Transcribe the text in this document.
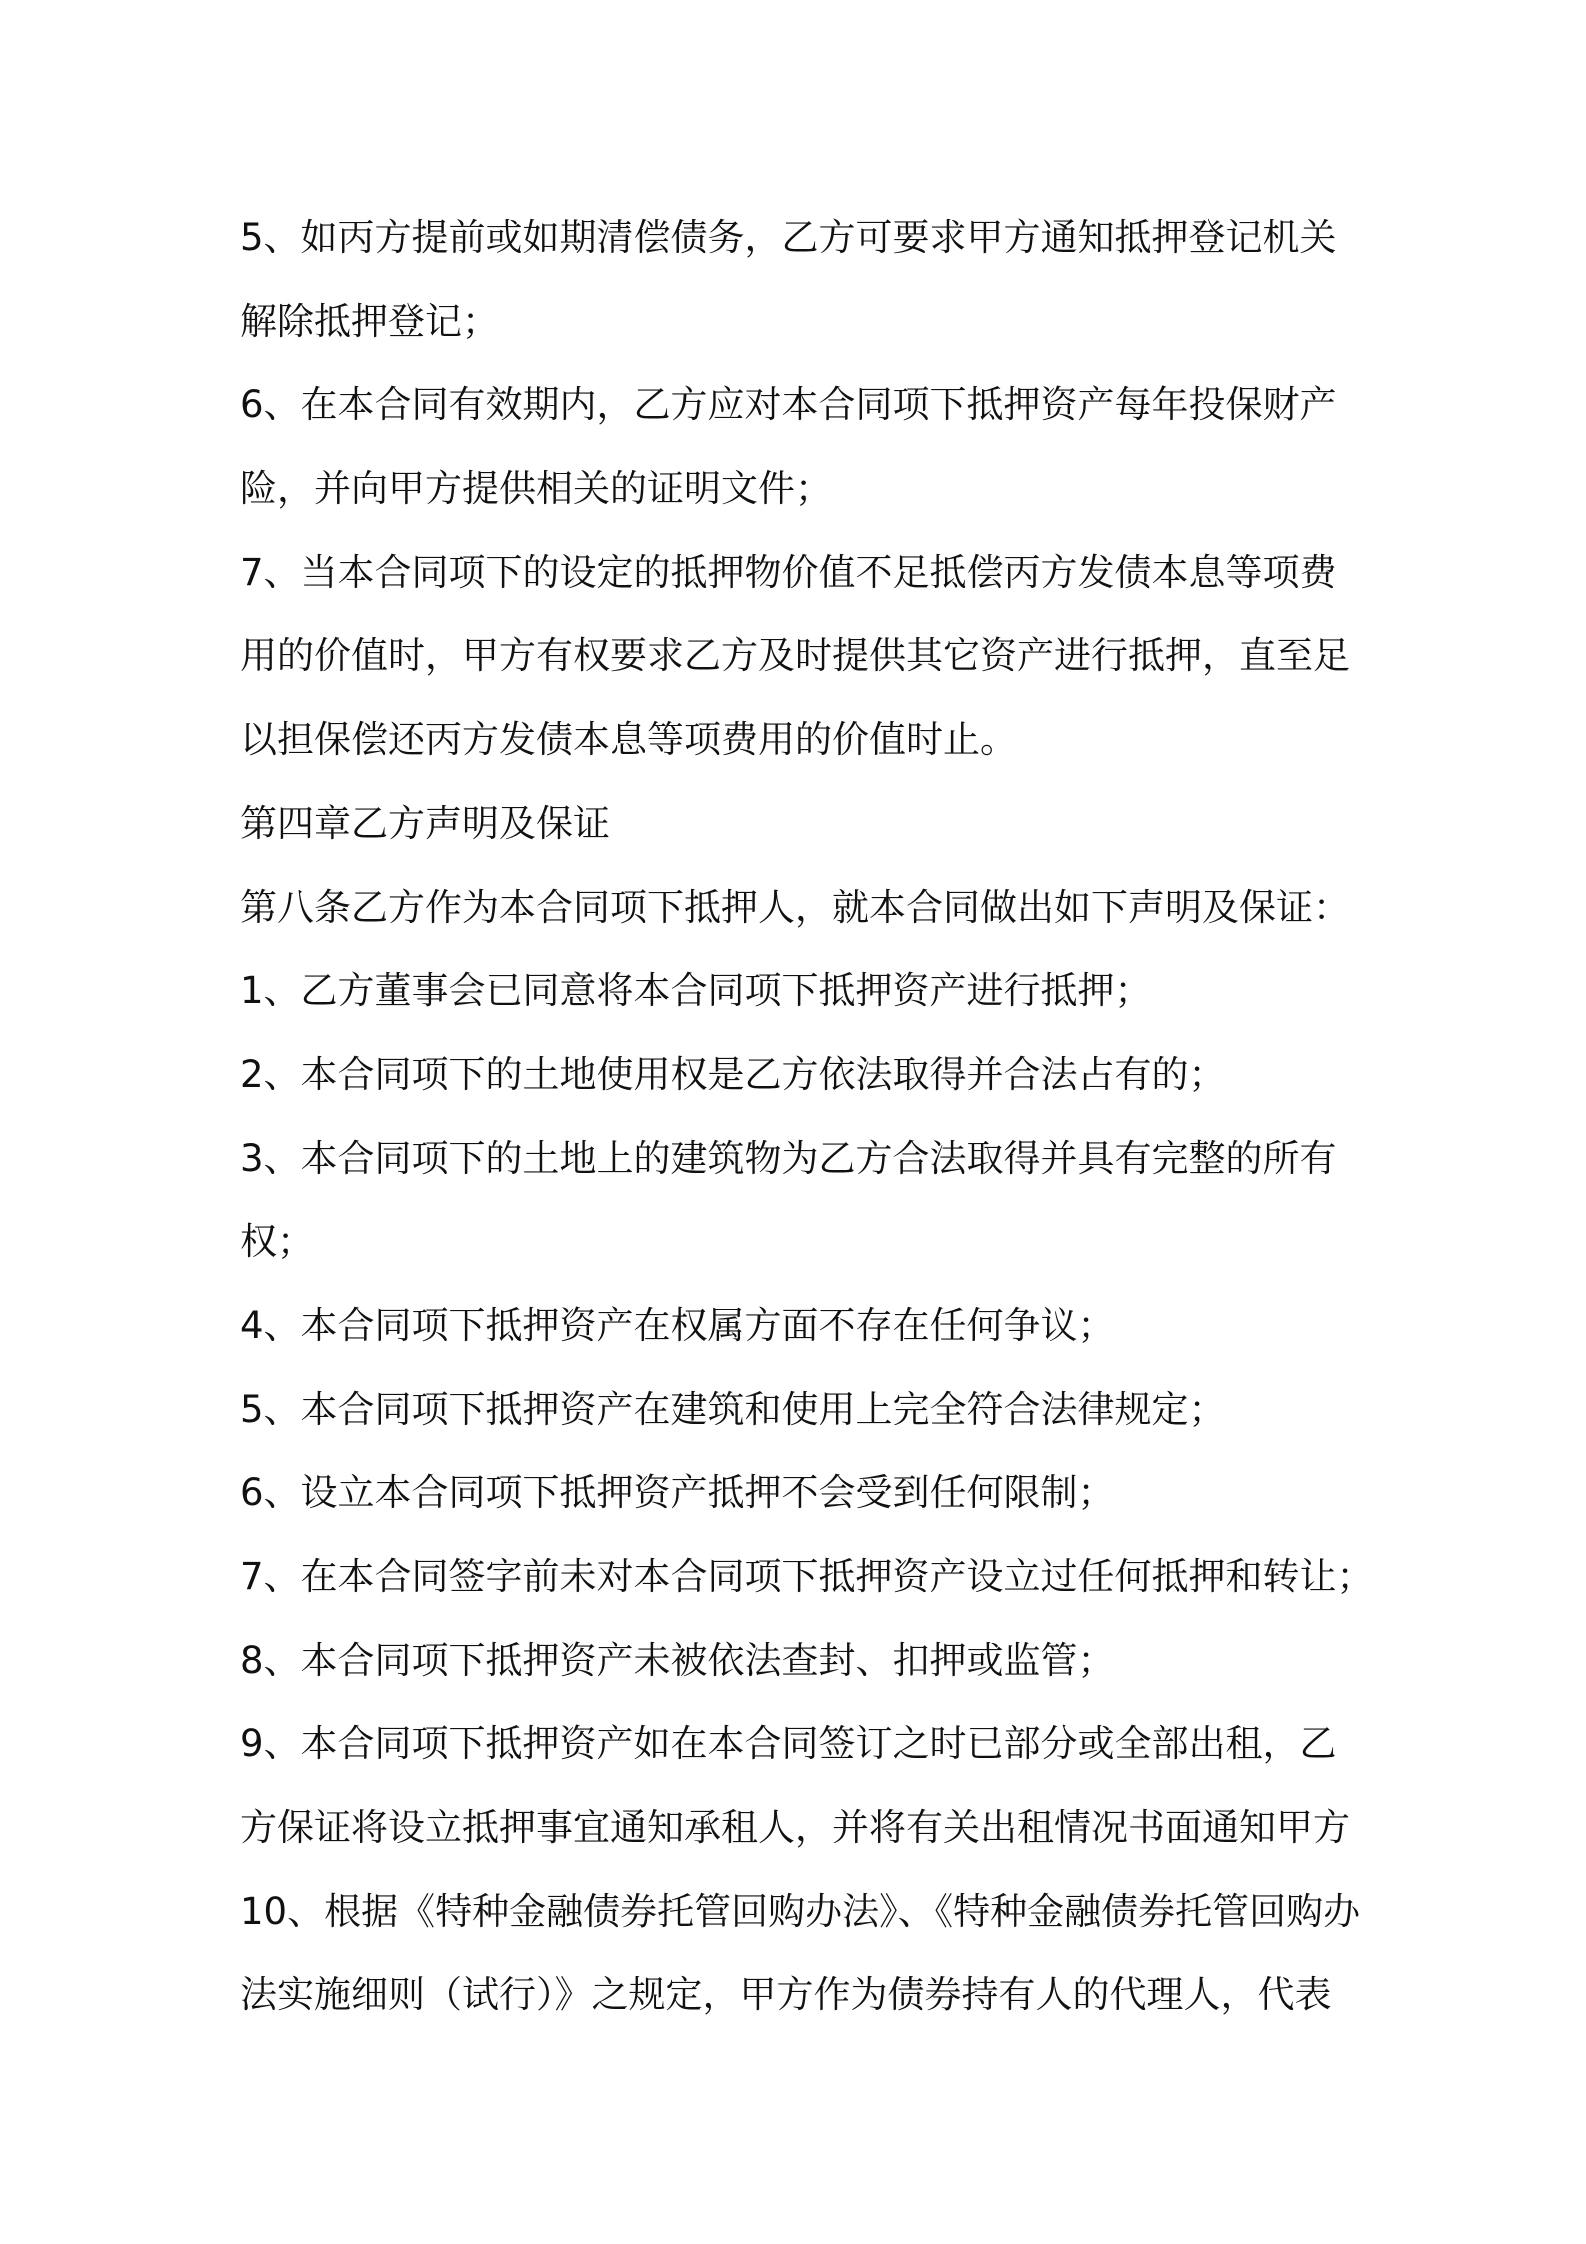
5、如丙方提前或如期清偿债务，乙方可要求甲方通知抵押登记机关
解除抵押登记；
6、在本合同有效期内，乙方应对本合同项下抵押资产每年投保财产
险，并向甲方提供相关的证明文件；
7、当本合同项下的设定的抵押物价值不足抵偿丙方发债本息等项费
用的价值时，甲方有权要求乙方及时提供其它资产进行抵押，直至足
以担保偿还丙方发债本息等项费用的价值时止。
第四章乙方声明及保证
第八条乙方作为本合同项下抵押人，就本合同做出如下声明及保证：
1、乙方董事会已同意将本合同项下抵押资产进行抵押；
2、本合同项下的土地使用权是乙方依法取得并合法占有的；
3、本合同项下的土地上的建筑物为乙方合法取得并具有完整的所有
权；
4、本合同项下抵押资产在权属方面不存在任何争议；
5、本合同项下抵押资产在建筑和使用上完全符合法律规定；
6、设立本合同项下抵押资产抵押不会受到任何限制；
7、在本合同签字前未对本合同项下抵押资产设立过任何抵押和转让；
8、本合同项下抵押资产未被依法查封、扣押或监管；
9、本合同项下抵押资产如在本合同签订之时已部分或全部出租，乙
方保证将设立抵押事宜通知承租人，并将有关出租情况书面通知甲方
10、根据《特种金融债券托管回购办法》、《特种金融债券托管回购办
法实施细则（试行）》之规定，甲方作为债券持有人的代理人，代表
